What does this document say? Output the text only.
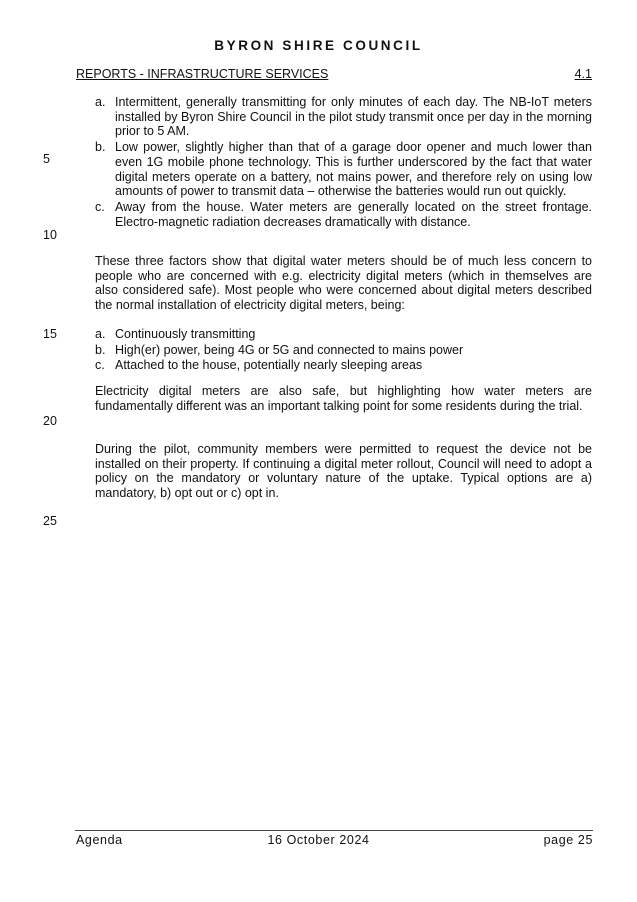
BYRON SHIRE COUNCIL
REPORTS - INFRASTRUCTURE SERVICES	4.1
5
10
15
20
25
a. Intermittent, generally transmitting for only minutes of each day. The NB-IoT meters installed by Byron Shire Council in the pilot study transmit once per day in the morning prior to 5 AM.
b. Low power, slightly higher than that of a garage door opener and much lower than even 1G mobile phone technology. This is further underscored by the fact that water digital meters operate on a battery, not mains power, and therefore rely on using low amounts of power to transmit data – otherwise the batteries would run out quickly.
c. Away from the house. Water meters are generally located on the street frontage. Electro-magnetic radiation decreases dramatically with distance.

These three factors show that digital water meters should be of much less concern to people who are concerned with e.g. electricity digital meters (which in themselves are also considered safe). Most people who were concerned about digital meters described the normal installation of electricity digital meters, being:

a. Continuously transmitting
b. High(er) power, being 4G or 5G and connected to mains power
c. Attached to the house, potentially nearly sleeping areas

Electricity digital meters are also safe, but highlighting how water meters are fundamentally different was an important talking point for some residents during the trial.

During the pilot, community members were permitted to request the device not be installed on their property. If continuing a digital meter rollout, Council will need to adopt a policy on the mandatory or voluntary nature of the uptake. Typical options are a) mandatory, b) opt out or c) opt in.

Agenda	16 October 2024	page 25
